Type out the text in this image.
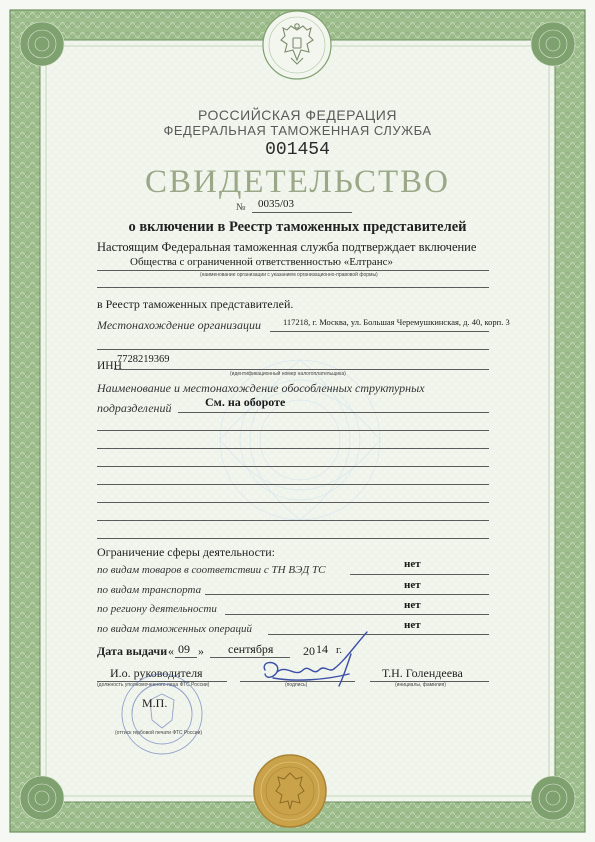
РОССИЙСКАЯ ФЕДЕРАЦИЯ
ФЕДЕРАЛЬНАЯ ТАМОЖЕННАЯ СЛУЖБА
001454
СВИДЕТЕЛЬСТВО
№ 0035/03
о включении в Реестр таможенных представителей
Настоящим Федеральная таможенная служба подтверждает включение
Общества с ограниченной ответственностью «Елтранс»
(наименование организации с указанием организационно-правовой формы)
в Реестр таможенных представителей.
Местонахождение организации	117218, г. Москва, ул. Большая Черемушкинская, д. 40, корп. 3
ИНН
7728219369
(идентификационный номер налогоплательщика)
Наименование и местонахождение обособленных структурных
подразделений	См. на обороте
Ограничение сферы деятельности:
по видам товаров в соответствии с ТН ВЭД ТС	нет
по видам транспорта	нет
по региону деятельности	нет
по видам таможенных операций	нет
Дата выдачи « 09 » сентября 20 14 г.
И.о. руководителя
(должность уполномоченного лица ФТС России)	(подпись)
Т.Н. Голендеева
(инициалы, фамилия)
М.П.
(оттиск гербовой печати ФТС России)
